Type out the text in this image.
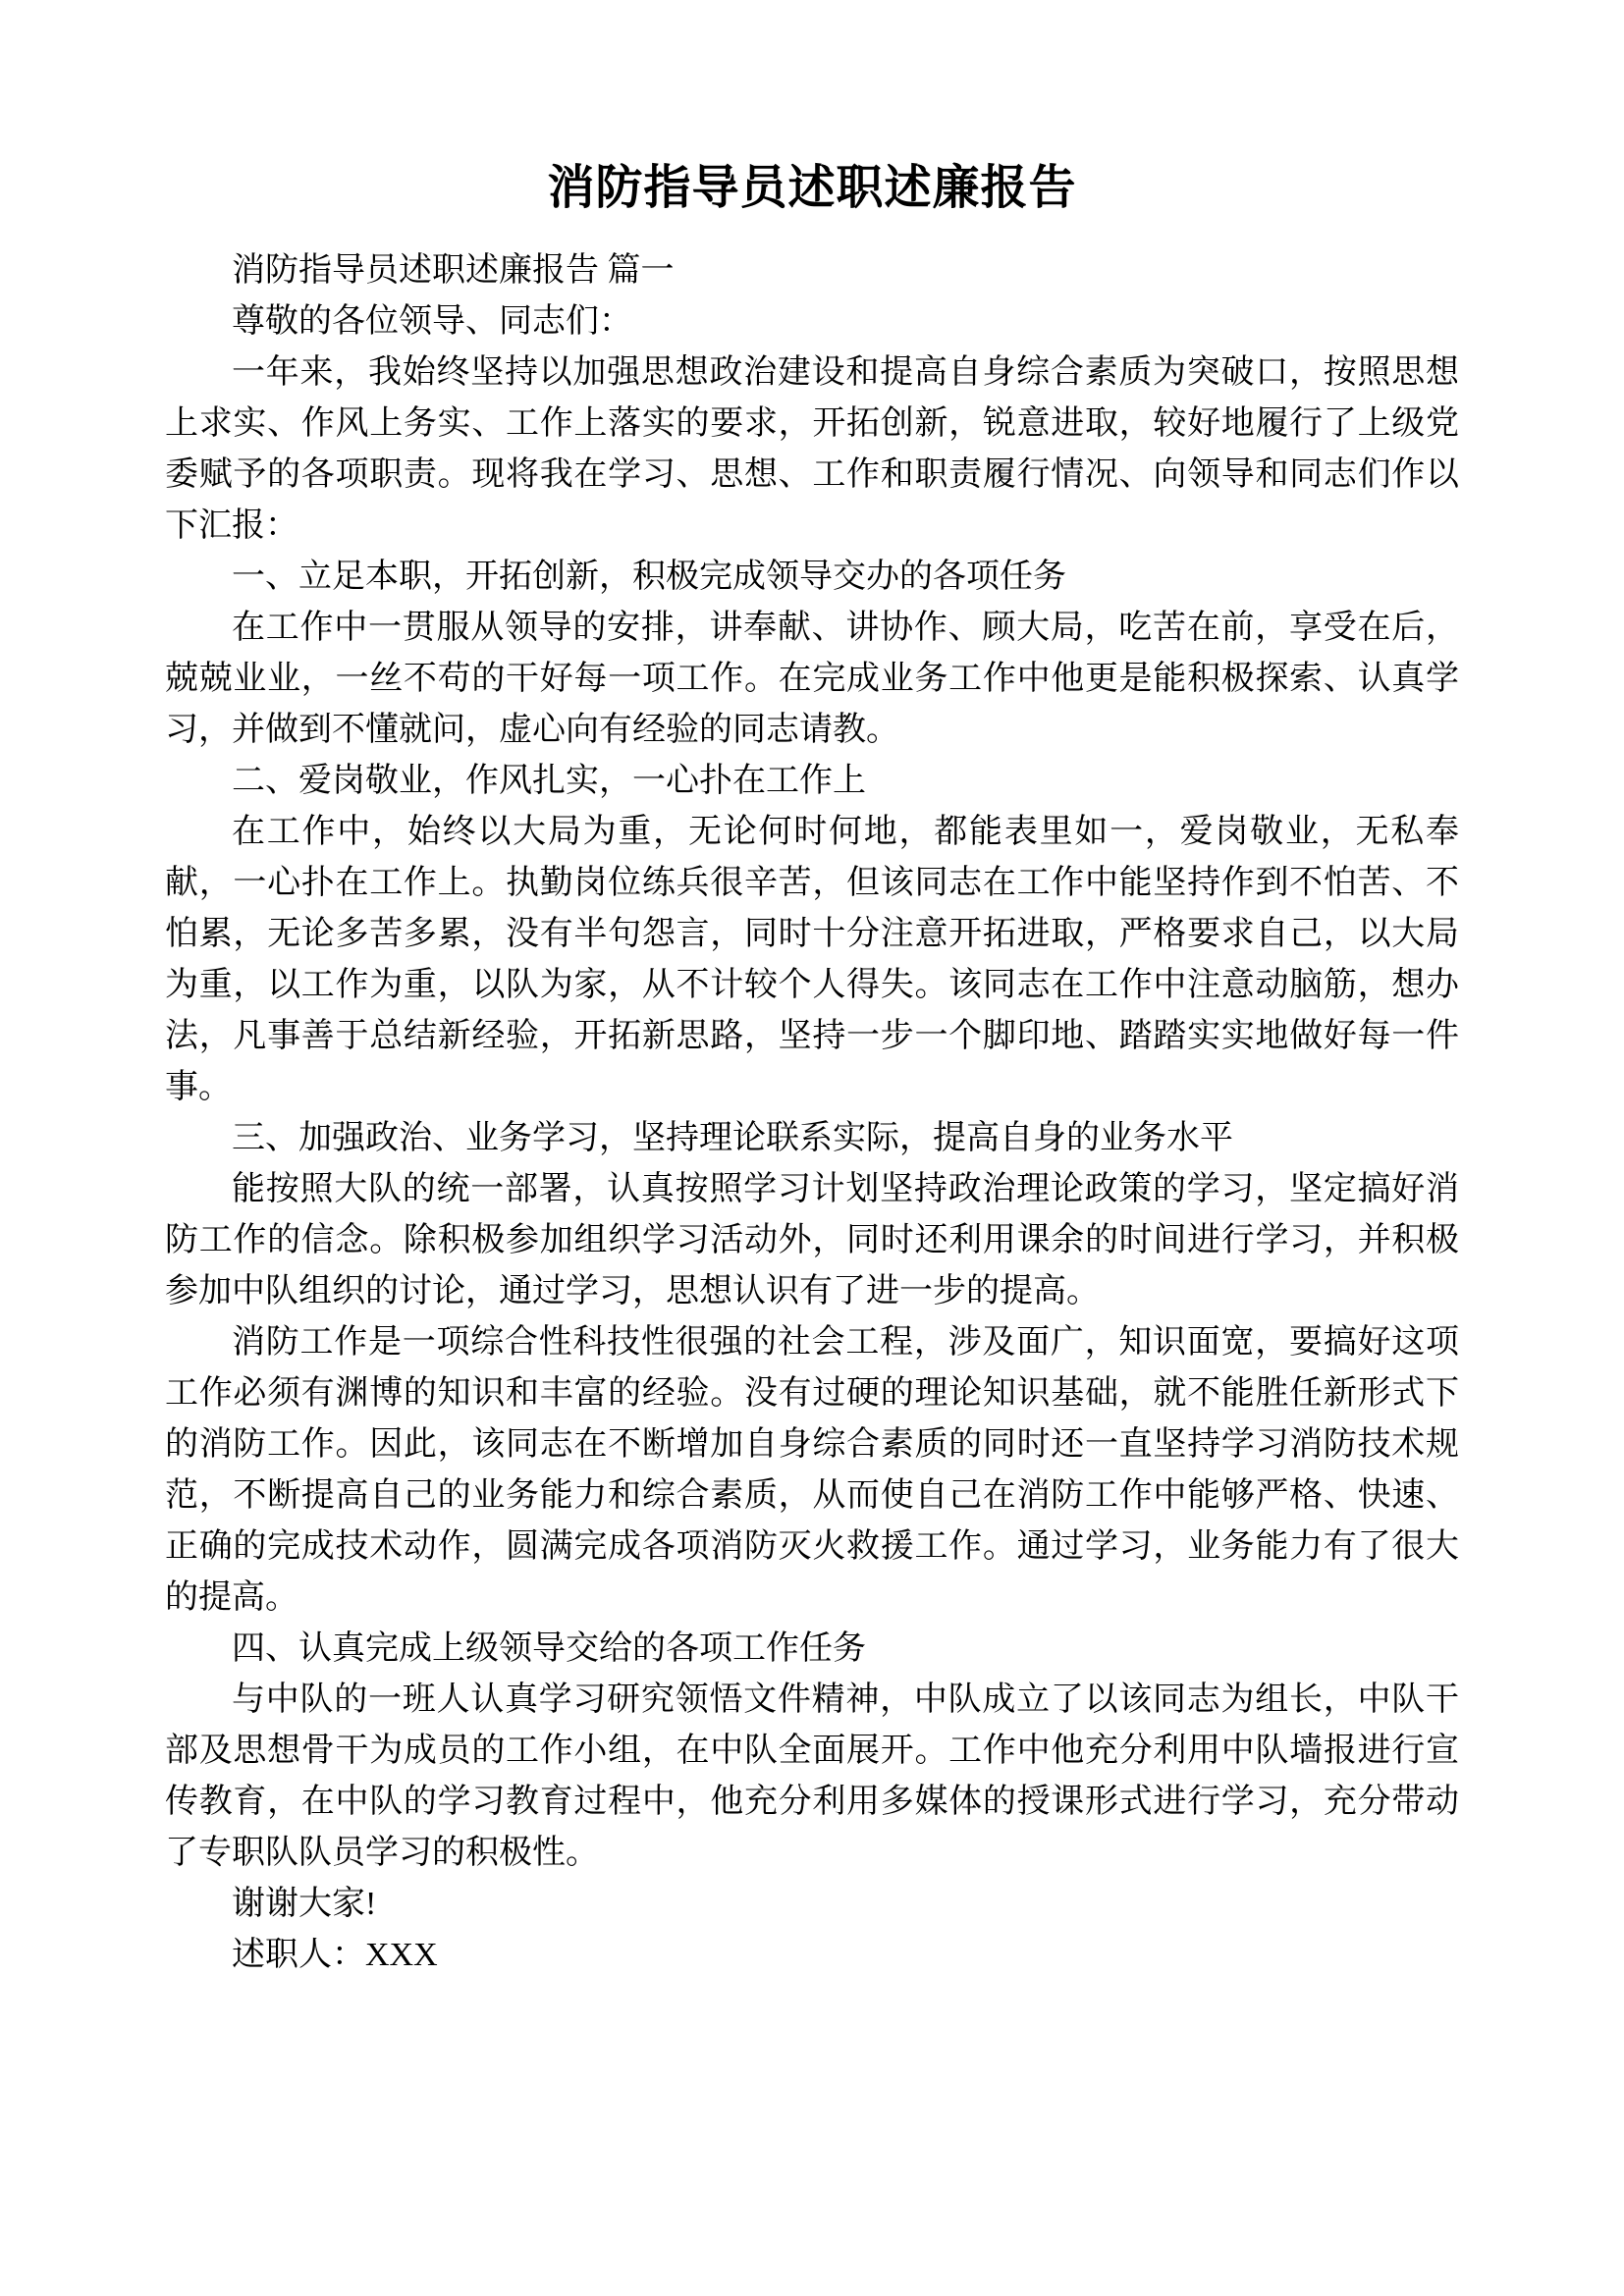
消防指导员述职述廉报告

消防指导员述职述廉报告 篇一

尊敬的各位领导、同志们：

一年来，我始终坚持以加强思想政治建设和提高自身综合素质为突破口，按照思想上求实、作风上务实、工作上落实的要求，开拓创新，锐意进取，较好地履行了上级党委赋予的各项职责。现将我在学习、思想、工作和职责履行情况、向领导和同志们作以下汇报：

一、立足本职，开拓创新，积极完成领导交办的各项任务

在工作中一贯服从领导的安排，讲奉献、讲协作、顾大局，吃苦在前，享受在后，兢兢业业，一丝不苟的干好每一项工作。在完成业务工作中他更是能积极探索、认真学习，并做到不懂就问，虚心向有经验的同志请教。

二、爱岗敬业，作风扎实，一心扑在工作上

在工作中，始终以大局为重，无论何时何地，都能表里如一，爱岗敬业，无私奉献，一心扑在工作上。执勤岗位练兵很辛苦，但该同志在工作中能坚持作到不怕苦、不怕累，无论多苦多累，没有半句怨言，同时十分注意开拓进取，严格要求自己，以大局为重，以工作为重，以队为家，从不计较个人得失。该同志在工作中注意动脑筋，想办法，凡事善于总结新经验，开拓新思路，坚持一步一个脚印地、踏踏实实地做好每一件事。

三、加强政治、业务学习，坚持理论联系实际，提高自身的业务水平

能按照大队的统一部署，认真按照学习计划坚持政治理论政策的学习，坚定搞好消防工作的信念。除积极参加组织学习活动外，同时还利用课余的时间进行学习，并积极参加中队组织的讨论，通过学习，思想认识有了进一步的提高。

消防工作是一项综合性科技性很强的社会工程，涉及面广，知识面宽，要搞好这项工作必须有渊博的知识和丰富的经验。没有过硬的理论知识基础，就不能胜任新形式下的消防工作。因此，该同志在不断增加自身综合素质的同时还一直坚持学习消防技术规范，不断提高自己的业务能力和综合素质，从而使自己在消防工作中能够严格、快速、正确的完成技术动作，圆满完成各项消防灭火救援工作。通过学习，业务能力有了很大的提高。

四、认真完成上级领导交给的各项工作任务

与中队的一班人认真学习研究领悟文件精神，中队成立了以该同志为组长，中队干部及思想骨干为成员的工作小组，在中队全面展开。工作中他充分利用中队墙报进行宣传教育，在中队的学习教育过程中，他充分利用多媒体的授课形式进行学习，充分带动了专职队队员学习的积极性。

谢谢大家!

述职人：XXX
